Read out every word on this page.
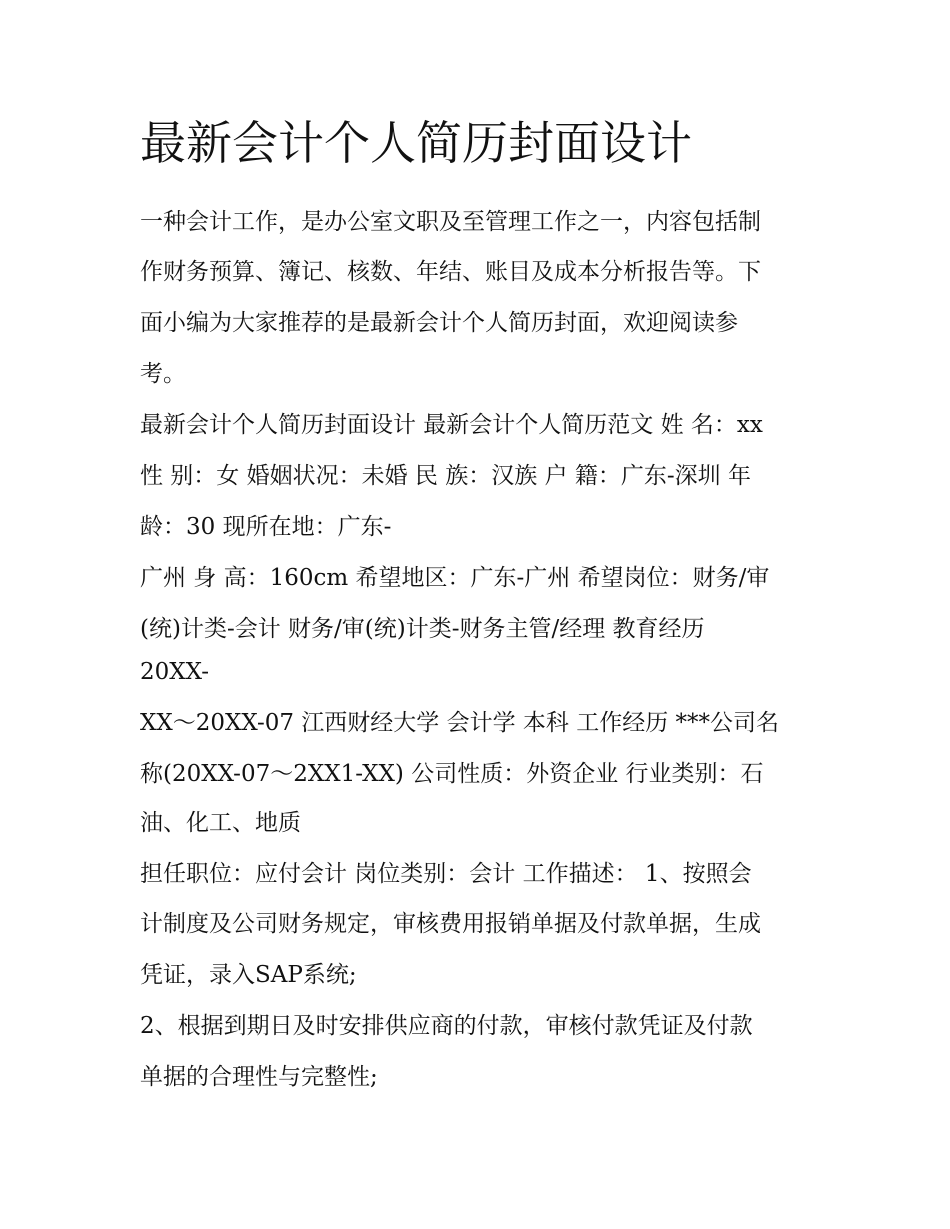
最新会计个人简历封面设计

一种会计工作，是办公室文职及至管理工作之一，内容包括制

作财务预算、簿记、核数、年结、账目及成本分析报告等。下

面小编为大家推荐的是最新会计个人简历封面，欢迎阅读参

考。

最新会计个人简历封面设计 最新会计个人简历范文 姓 名：xx

性 别：女 婚姻状况：未婚 民 族：汉族 户 籍：广东-深圳 年

龄：30 现所在地：广东-

广州 身 高：160cm 希望地区：广东-广州 希望岗位：财务/审

(统)计类-会计 财务/审(统)计类-财务主管/经理 教育经历

20XX-

XX～20XX-07 江西财经大学 会计学 本科 工作经历 ***公司名

称(20XX-07～2XX1-XX) 公司性质：外资企业 行业类别：石

油、化工、地质

担任职位：应付会计 岗位类别：会计 工作描述： 1、按照会

计制度及公司财务规定，审核费用报销单据及付款单据，生成

凭证，录入SAP系统;

2、根据到期日及时安排供应商的付款，审核付款凭证及付款

单据的合理性与完整性;
